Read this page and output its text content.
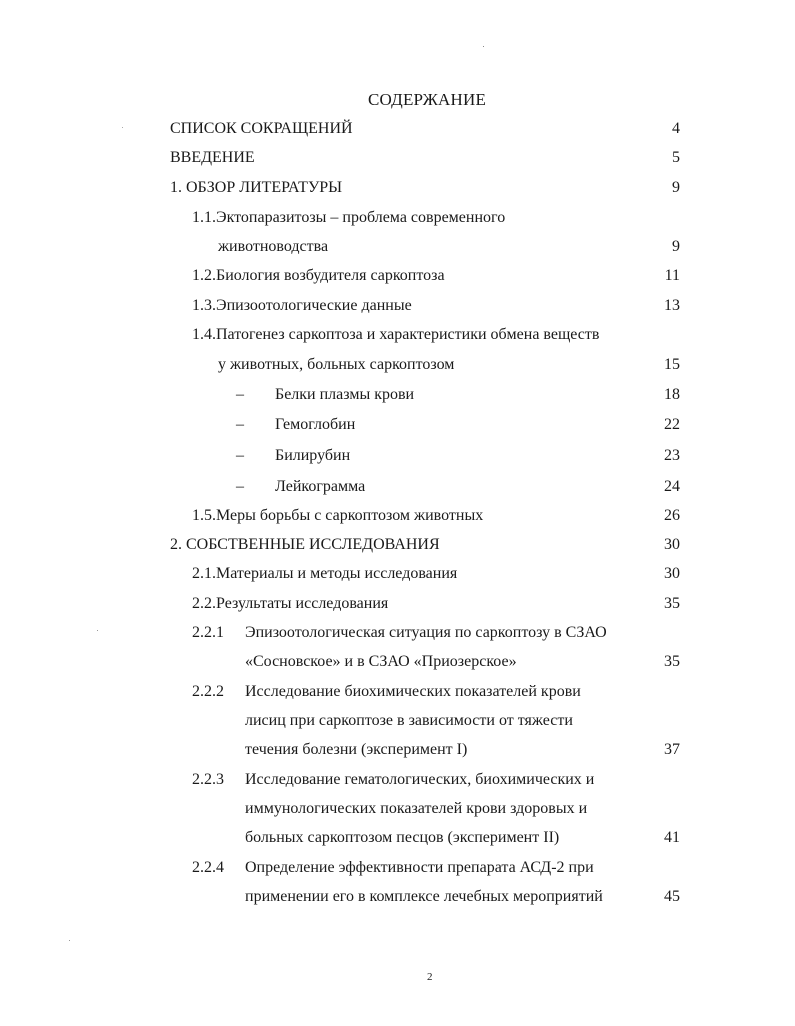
СОДЕРЖАНИЕ
СПИСОК СОКРАЩЕНИЙ	4
ВВЕДЕНИЕ	5
1. ОБЗОР ЛИТЕРАТУРЫ	9
1.1.Эктопаразитозы – проблема современного
животноводства	9
1.2.Биология возбудителя саркоптоза	11
1.3.Эпизоотологические данные	13
1.4.Патогенез саркоптоза и характеристики обмена веществ
у животных, больных саркоптозом	15
– Белки плазмы крови	18
– Гемоглобин	22
– Билирубин	23
– Лейкограмма	24
1.5.Меры борьбы с саркоптозом животных	26
2. СОБСТВЕННЫЕ ИССЛЕДОВАНИЯ	30
2.1.Материалы и методы исследования	30
2.2.Результаты исследования	35
2.2.1 Эпизоотологическая ситуация по саркоптозу в СЗАО
«Сосновское» и в СЗАО «Приозерское»	35
2.2.2 Исследование биохимических показателей крови
лисиц при саркоптозе в зависимости от тяжести
течения болезни (эксперимент I)	37
2.2.3 Исследование гематологических, биохимических и
иммунологических показателей крови здоровых и
больных саркоптозом песцов (эксперимент II)	41
2.2.4 Определение эффективности препарата АСД-2 при
применении его в комплексе лечебных мероприятий	45
2
